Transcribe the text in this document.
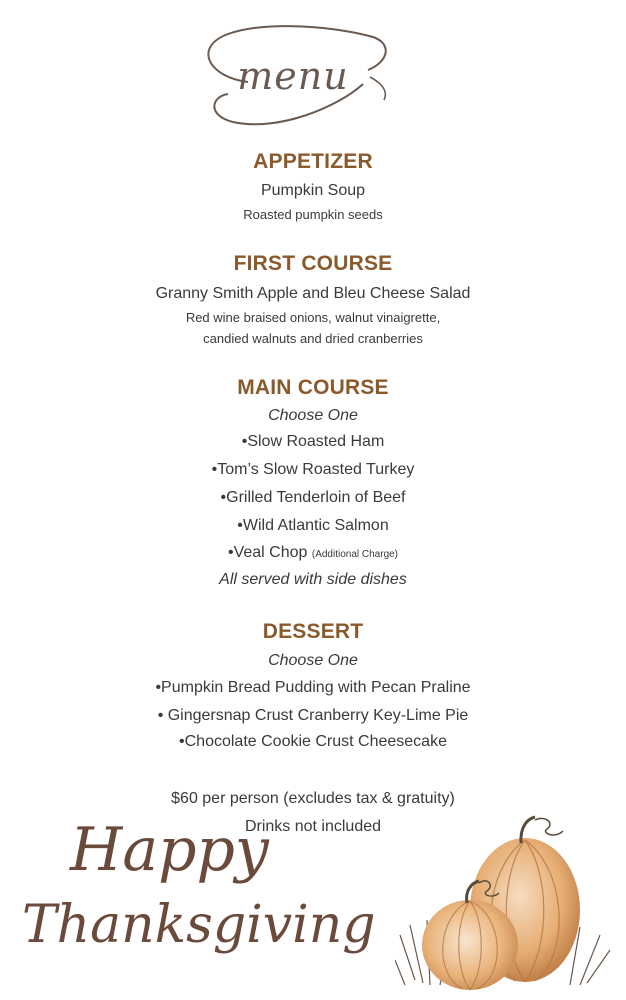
menu
APPETIZER
Pumpkin Soup
Roasted pumpkin seeds
FIRST COURSE
Granny Smith Apple and Bleu Cheese Salad
Red wine braised onions, walnut vinaigrette,
candied walnuts and dried cranberries
MAIN COURSE
Choose One
•Slow Roasted Ham
•Tom’s Slow Roasted Turkey
•Grilled Tenderloin of Beef
•Wild Atlantic Salmon
•Veal Chop (Additional Charge)
All served with side dishes
DESSERT
Choose One
•Pumpkin Bread Pudding with Pecan Praline
• Gingersnap Crust Cranberry Key-Lime Pie
•Chocolate Cookie Crust Cheesecake
$60 per person (excludes tax & gratuity)
Drinks not included
Happy
Thanksgiving
